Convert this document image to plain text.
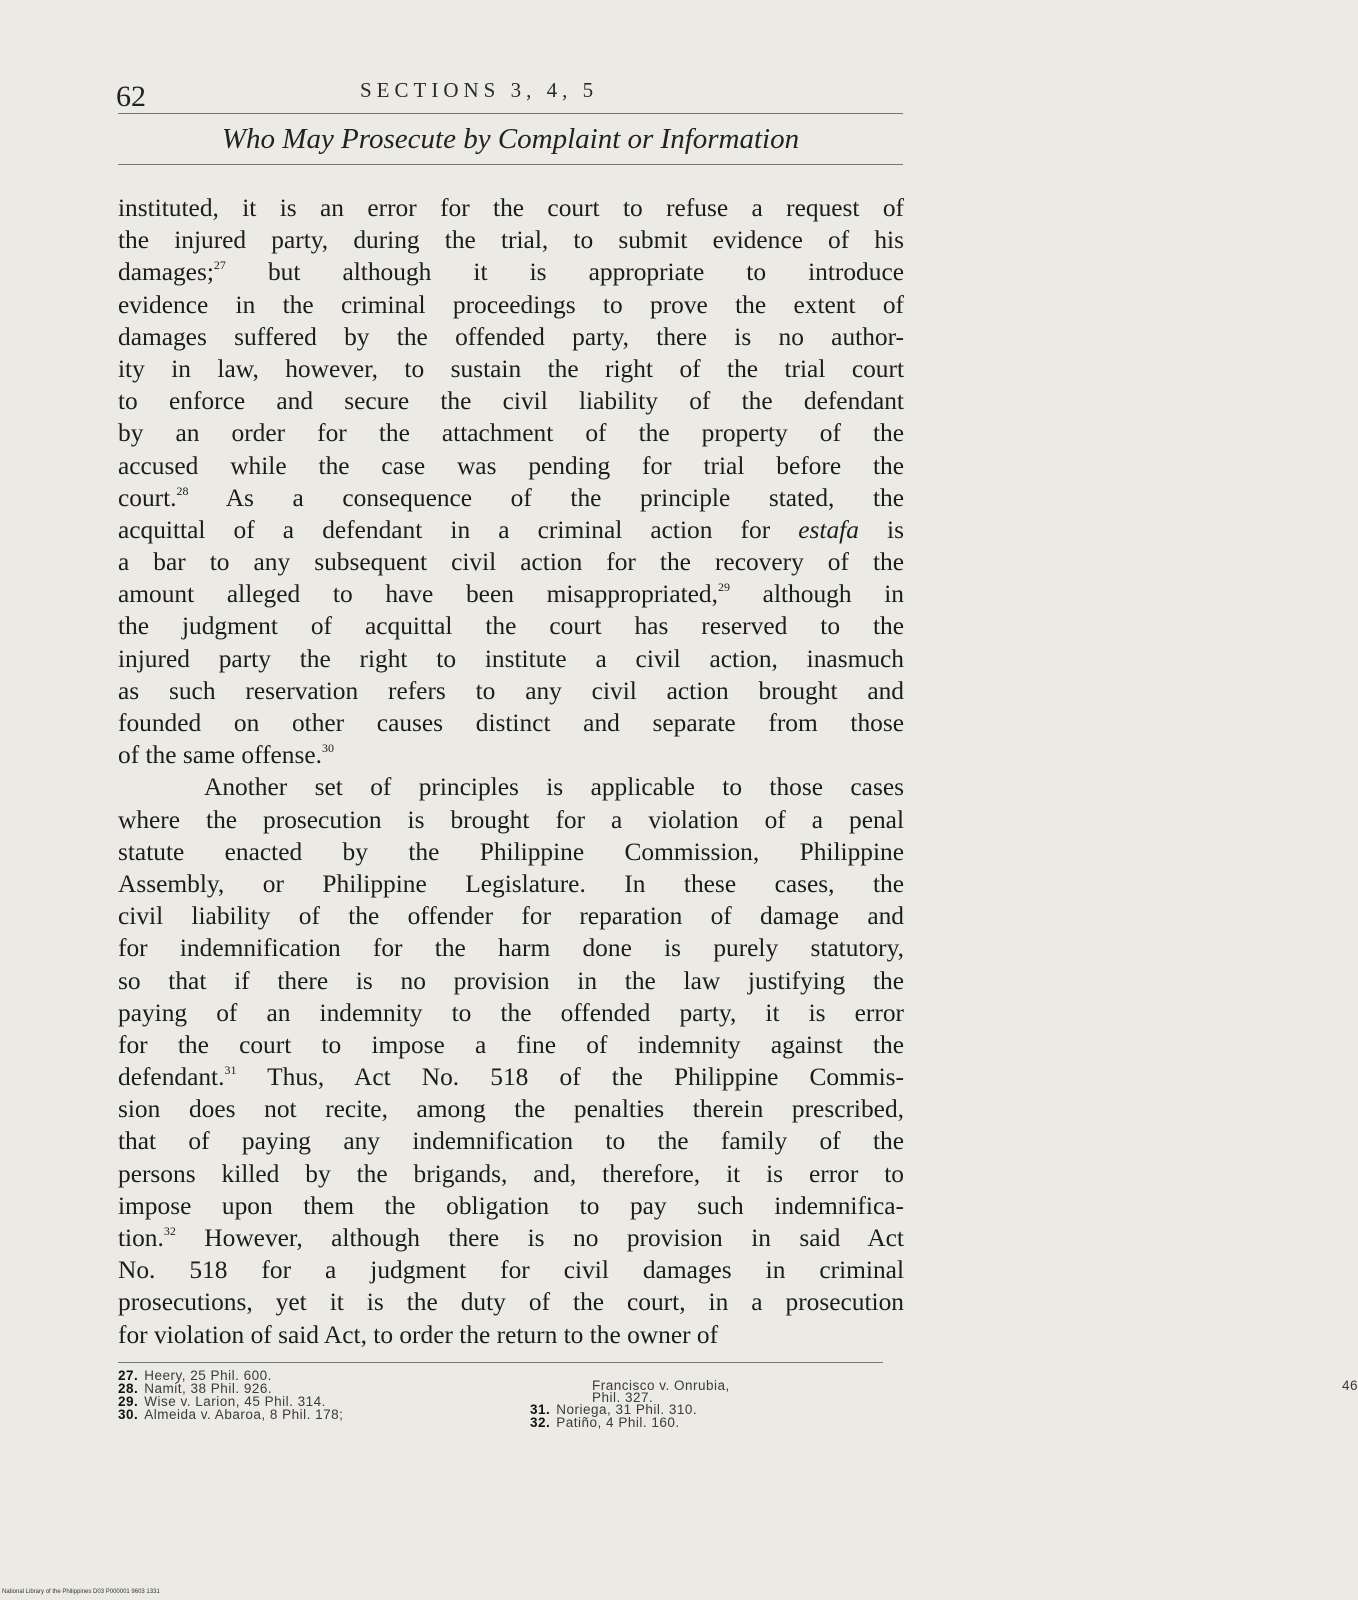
62	SECTIONS 3, 4, 5
Who May Prosecute by Complaint or Information
instituted, it is an error for the court to refuse a request of
the injured party, during the trial, to submit evidence of his
damages;$^{27}$ but although it is appropriate to introduce
evidence in the criminal proceedings to prove the extent of
damages suffered by the offended party, there is no author-
ity in law, however, to sustain the right of the trial court
to enforce and secure the civil liability of the defendant
by an order for the attachment of the property of the
accused while the case was pending for trial before the
court.$^{28}$ As a consequence of the principle stated, the
acquittal of a defendant in a criminal action for estafa is
a bar to any subsequent civil action for the recovery of the
amount alleged to have been misappropriated,$^{29}$ although in
the judgment of acquittal the court has reserved to the
injured party the right to institute a civil action, inasmuch
as such reservation refers to any civil action brought and
founded on other causes distinct and separate from those
of the same offense.$^{30}$
Another set of principles is applicable to those cases
where the prosecution is brought for a violation of a penal
statute enacted by the Philippine Commission, Philippine
Assembly, or Philippine Legislature. In these cases, the
civil liability of the offender for reparation of damage and
for indemnification for the harm done is purely statutory,
so that if there is no provision in the law justifying the
paying of an indemnity to the offended party, it is error
for the court to impose a fine of indemnity against the
defendant.$^{31}$ Thus, Act No. 518 of the Philippine Commis-
sion does not recite, among the penalties therein prescribed,
that of paying any indemnification to the family of the
persons killed by the brigands, and, therefore, it is error to
impose upon them the obligation to pay such indemnifica-
tion.$^{32}$ However, although there is no provision in said Act
No. 518 for a judgment for civil damages in criminal
prosecutions, yet it is the duty of the court, in a prosecution
for violation of said Act, to order the return to the owner of
27. Heery, 25 Phil. 600.
28. Namit, 38 Phil. 926.
29. Wise v. Larion, 45 Phil. 314.
30. Almeida v. Abaroa, 8 Phil. 178;
Francisco v. Onrubia,	46
Phil. 327.
31. Noriega, 31 Phil. 310.
32. Patiño, 4 Phil. 160.
National Library of the Philippines D03 P000001 9603 1331
